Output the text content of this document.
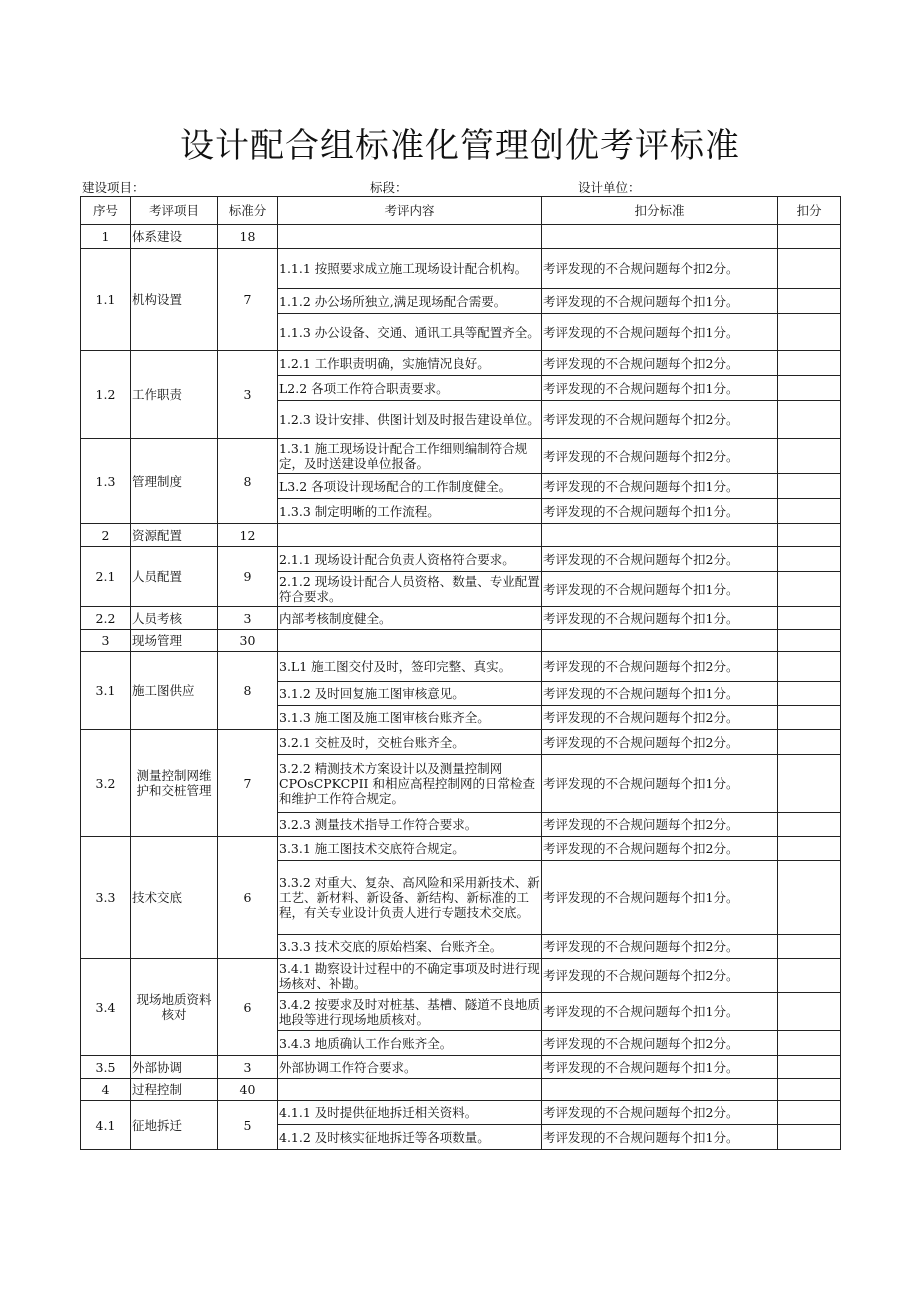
设计配合组标准化管理创优考评标准
建设项目：	标段：	设计单位：
序号	考评项目	标准分	考评内容	扣分标准	扣分
1	体系建设	18			
1.1	机构设置	7	1.1.1 按照要求成立施工现场设计配合机构。	考评发现的不合规问题每个扣2分。	
			1.1.2 办公场所独立,满足现场配合需要。	考评发现的不合规问题每个扣1分。	
			1.1.3 办公设备、交通、通讯工具等配置齐全。	考评发现的不合规问题每个扣1分。	
1.2	工作职责	3	1.2.1 工作职责明确，实施情况良好。	考评发现的不合规问题每个扣2分。	
			L2.2 各项工作符合职责要求。	考评发现的不合规问题每个扣1分。	
			1.2.3 设计安排、供图计划及时报告建设单位。	考评发现的不合规问题每个扣2分。	
1.3	管理制度	8	1.3.1 施工现场设计配合工作细则编制符合规定，及时送建设单位报备。	考评发现的不合规问题每个扣2分。	
			L3.2 各项设计现场配合的工作制度健全。	考评发现的不合规问题每个扣1分。	
			1.3.3 制定明晰的工作流程。	考评发现的不合规问题每个扣1分。	
2	资源配置	12			
2.1	人员配置	9	2.1.1 现场设计配合负责人资格符合要求。	考评发现的不合规问题每个扣2分。	
			2.1.2 现场设计配合人员资格、数量、专业配置符合要求。	考评发现的不合规问题每个扣1分。	
2.2	人员考核	3	内部考核制度健全。	考评发现的不合规问题每个扣1分。	
3	现场管理	30			
3.1	施工图供应	8	3.L1 施工图交付及时，签印完整、真实。	考评发现的不合规问题每个扣2分。	
			3.1.2 及时回复施工图审核意见。	考评发现的不合规问题每个扣1分。	
			3.1.3 施工图及施工图审核台账齐全。	考评发现的不合规问题每个扣2分。	
3.2	测量控制网维护和交桩管理	7	3.2.1 交桩及时，交桩台账齐全。	考评发现的不合规问题每个扣2分。	
			3.2.2 精测技术方案设计以及测量控制网CPOsCPKCPII 和相应高程控制网的日常检查和维护工作符合规定。	考评发现的不合规问题每个扣1分。	
			3.2.3 测量技术指导工作符合要求。	考评发现的不合规问题每个扣2分。	
3.3	技术交底	6	3.3.1 施工图技术交底符合规定。	考评发现的不合规问题每个扣2分。	
			3.3.2 对重大、复杂、高风险和采用新技术、新工艺、新材料、新设备、新结构、新标准的工程，有关专业设计负责人进行专题技术交底。	考评发现的不合规问题每个扣1分。	
			3.3.3 技术交底的原始档案、台账齐全。	考评发现的不合规问题每个扣2分。	
3.4	现场地质资料核对	6	3.4.1 勘察设计过程中的不确定事项及时进行现场核对、补勘。	考评发现的不合规问题每个扣2分。	
			3.4.2 按要求及时对桩基、基槽、隧道不良地质地段等进行现场地质核对。	考评发现的不合规问题每个扣1分。	
			3.4.3 地质确认工作台账齐全。	考评发现的不合规问题每个扣2分。	
3.5	外部协调	3	外部协调工作符合要求。	考评发现的不合规问题每个扣1分。	
4	过程控制	40			
4.1	征地拆迁	5	4.1.1 及时提供征地拆迁相关资料。	考评发现的不合规问题每个扣2分。	
			4.1.2 及时核实征地拆迁等各项数量。	考评发现的不合规问题每个扣1分。	
